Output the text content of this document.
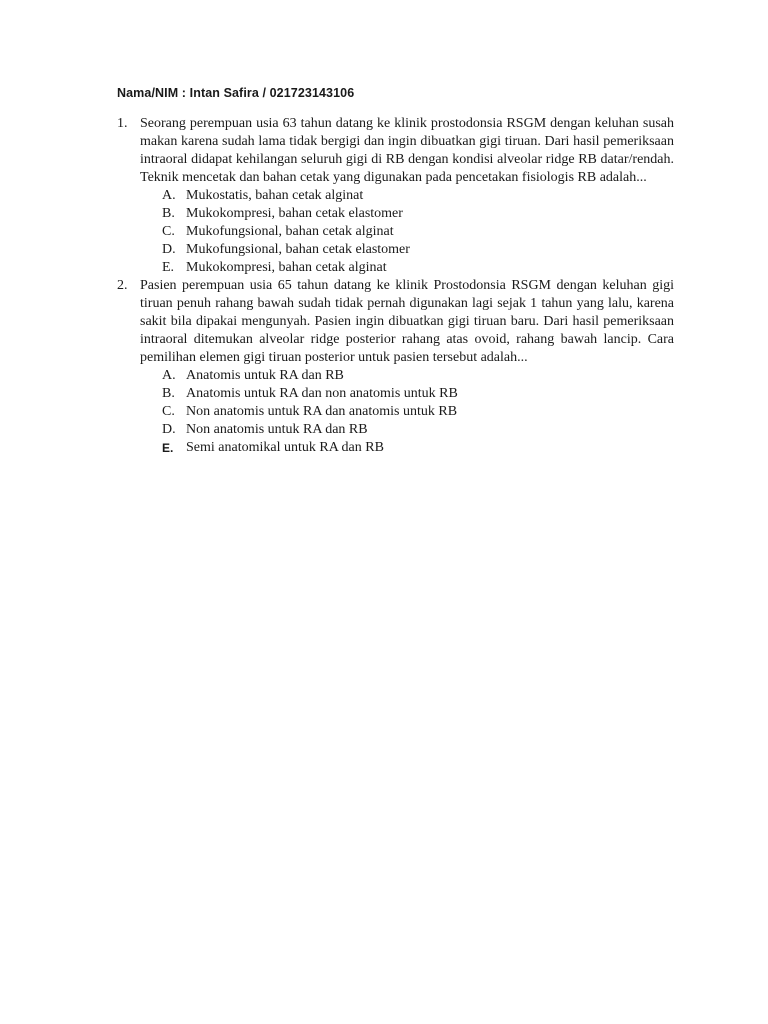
Nama/NIM : Intan Safira / 021723143106
1. Seorang perempuan usia 63 tahun datang ke klinik prostodonsia RSGM dengan keluhan susah makan karena sudah lama tidak bergigi dan ingin dibuatkan gigi tiruan. Dari hasil pemeriksaan intraoral didapat kehilangan seluruh gigi di RB dengan kondisi alveolar ridge RB datar/rendah. Teknik mencetak dan bahan cetak yang digunakan pada pencetakan fisiologis RB adalah...
A. Mukostatis, bahan cetak alginat
B. Mukokompresi, bahan cetak elastomer
C. Mukofungsional, bahan cetak alginat
D. Mukofungsional, bahan cetak elastomer
E. Mukokompresi, bahan cetak alginat
2. Pasien perempuan usia 65 tahun datang ke klinik Prostodonsia RSGM dengan keluhan gigi tiruan penuh rahang bawah sudah tidak pernah digunakan lagi sejak 1 tahun yang lalu, karena sakit bila dipakai mengunyah. Pasien ingin dibuatkan gigi tiruan baru. Dari hasil pemeriksaan intraoral ditemukan alveolar ridge posterior rahang atas ovoid, rahang bawah lancip. Cara pemilihan elemen gigi tiruan posterior untuk pasien tersebut adalah...
A. Anatomis untuk RA dan RB
B. Anatomis untuk RA dan non anatomis untuk RB
C. Non anatomis untuk RA dan anatomis untuk RB
D. Non anatomis untuk RA dan RB
E. Semi anatomikal untuk RA dan RB
